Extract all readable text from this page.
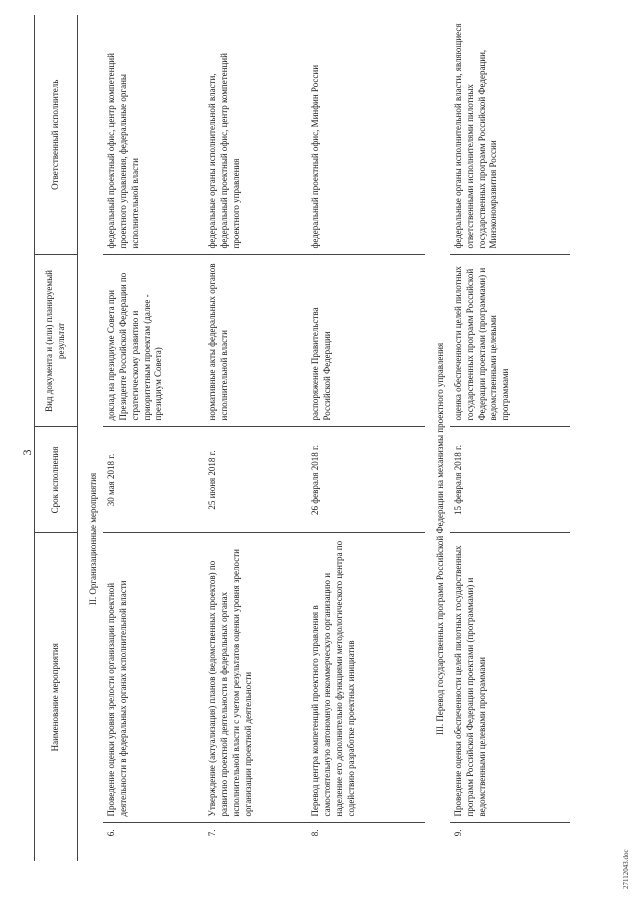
3
Наименование мероприятия		Срок исполнения	Вид документа и (или) планируемый результат	Ответственный исполнитель
	II. Организационные мероприятия			
6.	Проведение оценки уровня зрелости организации проектной деятельности в федеральных органах исполнительной власти	30 мая 2018 г.	доклад на президиуме Совета при Президенте Российской Федерации по стратегическому развитию и приоритетным проектам (далее - президиум Совета)	федеральный проектный офис, центр компетенций проектного управления, федеральные органы исполнительной власти
7.	Утверждение (актуализация) планов (ведомственных проектов) по развитию проектной деятельности в федеральных органах исполнительной власти с учетом результатов оценки уровня зрелости организации проектной деятельности	25 июня 2018 г.	нормативные акты федеральных органов исполнительной власти	федеральные органы исполнительной власти, федеральный проектный офис, центр компетенций проектного управления
8.	Перевод центра компетенций проектного управления в самостоятельную автономную некоммерческую организацию и наделение его дополнительно функциями методологического центра по содействию разработке проектных инициатив	26 февраля 2018 г.	распоряжение Правительства Российской Федерации	федеральный проектный офис, Минфин России
	III. Перевод государственных программ Российской Федерации на механизмы проектного управления			
9.	Проведение оценки обеспеченности целей пилотных государственных программ Российской Федерации проектами (программами) и ведомственными целевыми программами	15 февраля 2018 г.	оценка обеспеченности целей пилотных государственных программ Российской Федерации проектами (программами) и ведомственными целевыми программами	федеральные органы исполнительной власти, являющиеся ответственными исполнителями пилотных государственных программ Российской Федерации, Минэкономразвития России
2711204З.doc
